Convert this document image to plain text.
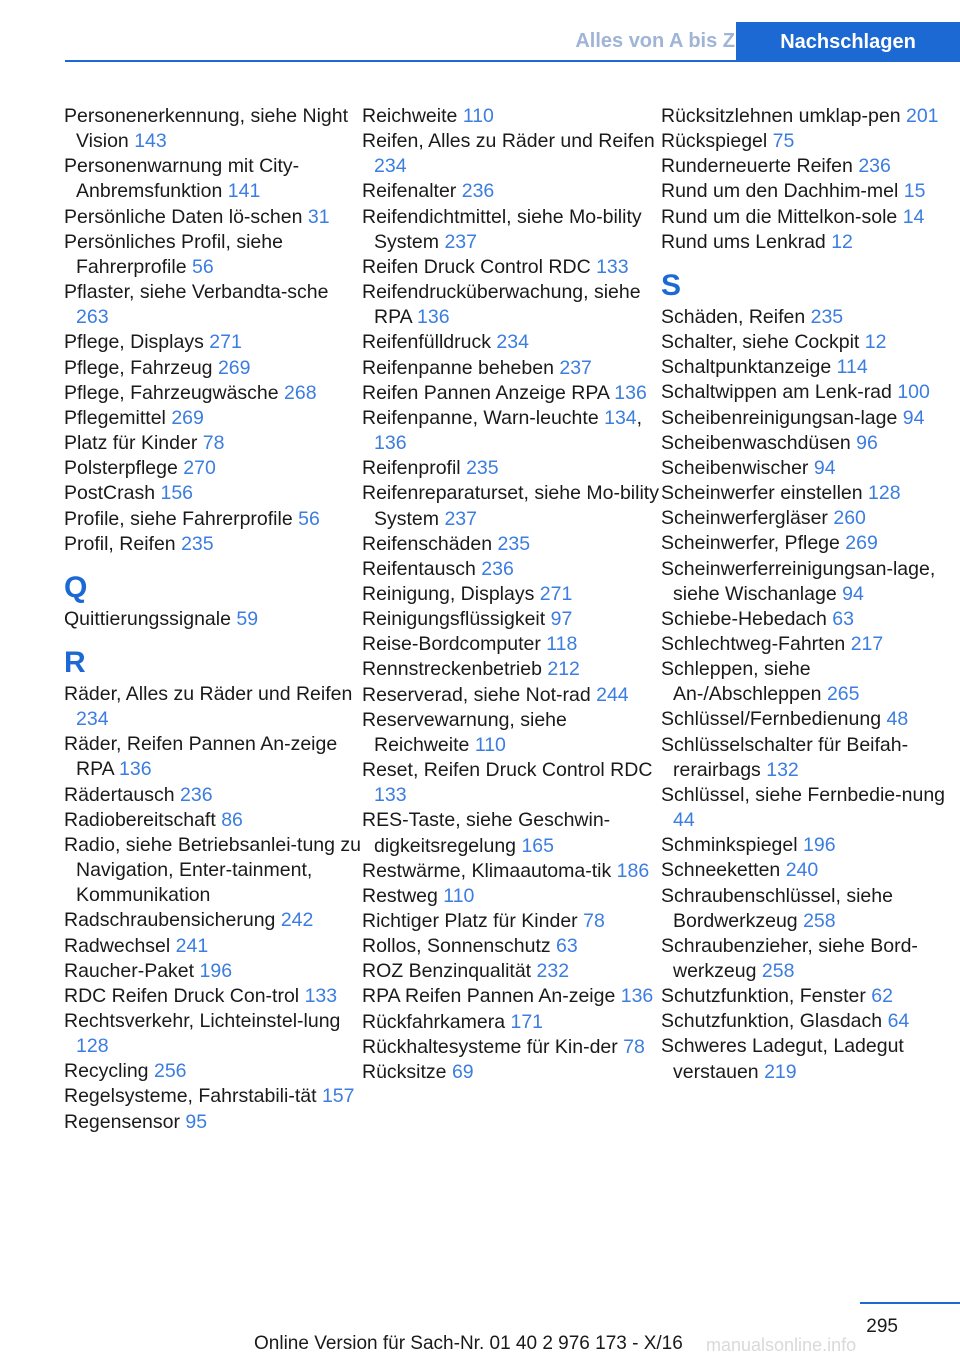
Alles von A bis Z	Nachschlagen
Personenerkennung, siehe Night Vision 143
Personenwarnung mit City-Anbremsfunktion 141
Persönliche Daten lö-schen 31
Persönliches Profil, siehe Fahrerprofile 56
Pflaster, siehe Verbandta-sche 263
Pflege, Displays 271
Pflege, Fahrzeug 269
Pflege, Fahrzeugwäsche 268
Pflegemittel 269
Platz für Kinder 78
Polsterpflege 270
PostCrash 156
Profile, siehe Fahrerprofile 56
Profil, Reifen 235
Q
Quittierungssignale 59
R
Räder, Alles zu Räder und Reifen 234
Räder, Reifen Pannen An-zeige RPA 136
Rädertausch 236
Radiobereitschaft 86
Radio, siehe Betriebsanlei-tung zu Navigation, Enter-tainment, Kommunikation
Radschraubensicherung 242
Radwechsel 241
Raucher-Paket 196
RDC Reifen Druck Con-trol 133
Rechtsverkehr, Lichteinstel-lung 128
Recycling 256
Regelsysteme, Fahrstabili-tät 157
Regensensor 95
Reichweite 110
Reifen, Alles zu Räder und Reifen 234
Reifenalter 236
Reifendichtmittel, siehe Mo-bility System 237
Reifen Druck Control RDC 133
Reifendrucküberwachung, siehe RPA 136
Reifenfülldruck 234
Reifenpanne beheben 237
Reifen Pannen Anzeige RPA 136
Reifenpanne, Warn-leuchte 134, 136
Reifenprofil 235
Reifenreparaturset, siehe Mo-bility System 237
Reifenschäden 235
Reifentausch 236
Reinigung, Displays 271
Reinigungsflüssigkeit 97
Reise-Bordcomputer 118
Rennstreckenbetrieb 212
Reserverad, siehe Not-rad 244
Reservewarnung, siehe Reichweite 110
Reset, Reifen Druck Control RDC 133
RES-Taste, siehe Geschwin-digkeitsregelung 165
Restwärme, Klimaautoma-tik 186
Restweg 110
Richtiger Platz für Kinder 78
Rollos, Sonnenschutz 63
ROZ Benzinqualität 232
RPA Reifen Pannen An-zeige 136
Rückfahrkamera 171
Rückhaltesysteme für Kin-der 78
Rücksitze 69
Rücksitzlehnen umklap-pen 201
Rückspiegel 75
Runderneuerte Reifen 236
Rund um den Dachhim-mel 15
Rund um die Mittelkon-sole 14
Rund ums Lenkrad 12
S
Schäden, Reifen 235
Schalter, siehe Cockpit 12
Schaltpunktanzeige 114
Schaltwippen am Lenk-rad 100
Scheibenreinigungsan-lage 94
Scheibenwaschdüsen 96
Scheibenwischer 94
Scheinwerfer einstellen 128
Scheinwerfergläser 260
Scheinwerfer, Pflege 269
Scheinwerferreinigungsan-lage, siehe Wischanlage 94
Schiebe-Hebedach 63
Schlechtweg-Fahrten 217
Schleppen, siehe An-/Abschleppen 265
Schlüssel/Fernbedienung 48
Schlüsselschalter für Beifah-rerairbags 132
Schlüssel, siehe Fernbedie-nung 44
Schminkspiegel 196
Schneeketten 240
Schraubenschlüssel, siehe Bordwerkzeug 258
Schraubenzieher, siehe Bord-werkzeug 258
Schutzfunktion, Fenster 62
Schutzfunktion, Glasdach 64
Schweres Ladegut, Ladegut verstauen 219
295
Online Version für Sach-Nr. 01 40 2 976 173 - X/16 manualsonline.info
